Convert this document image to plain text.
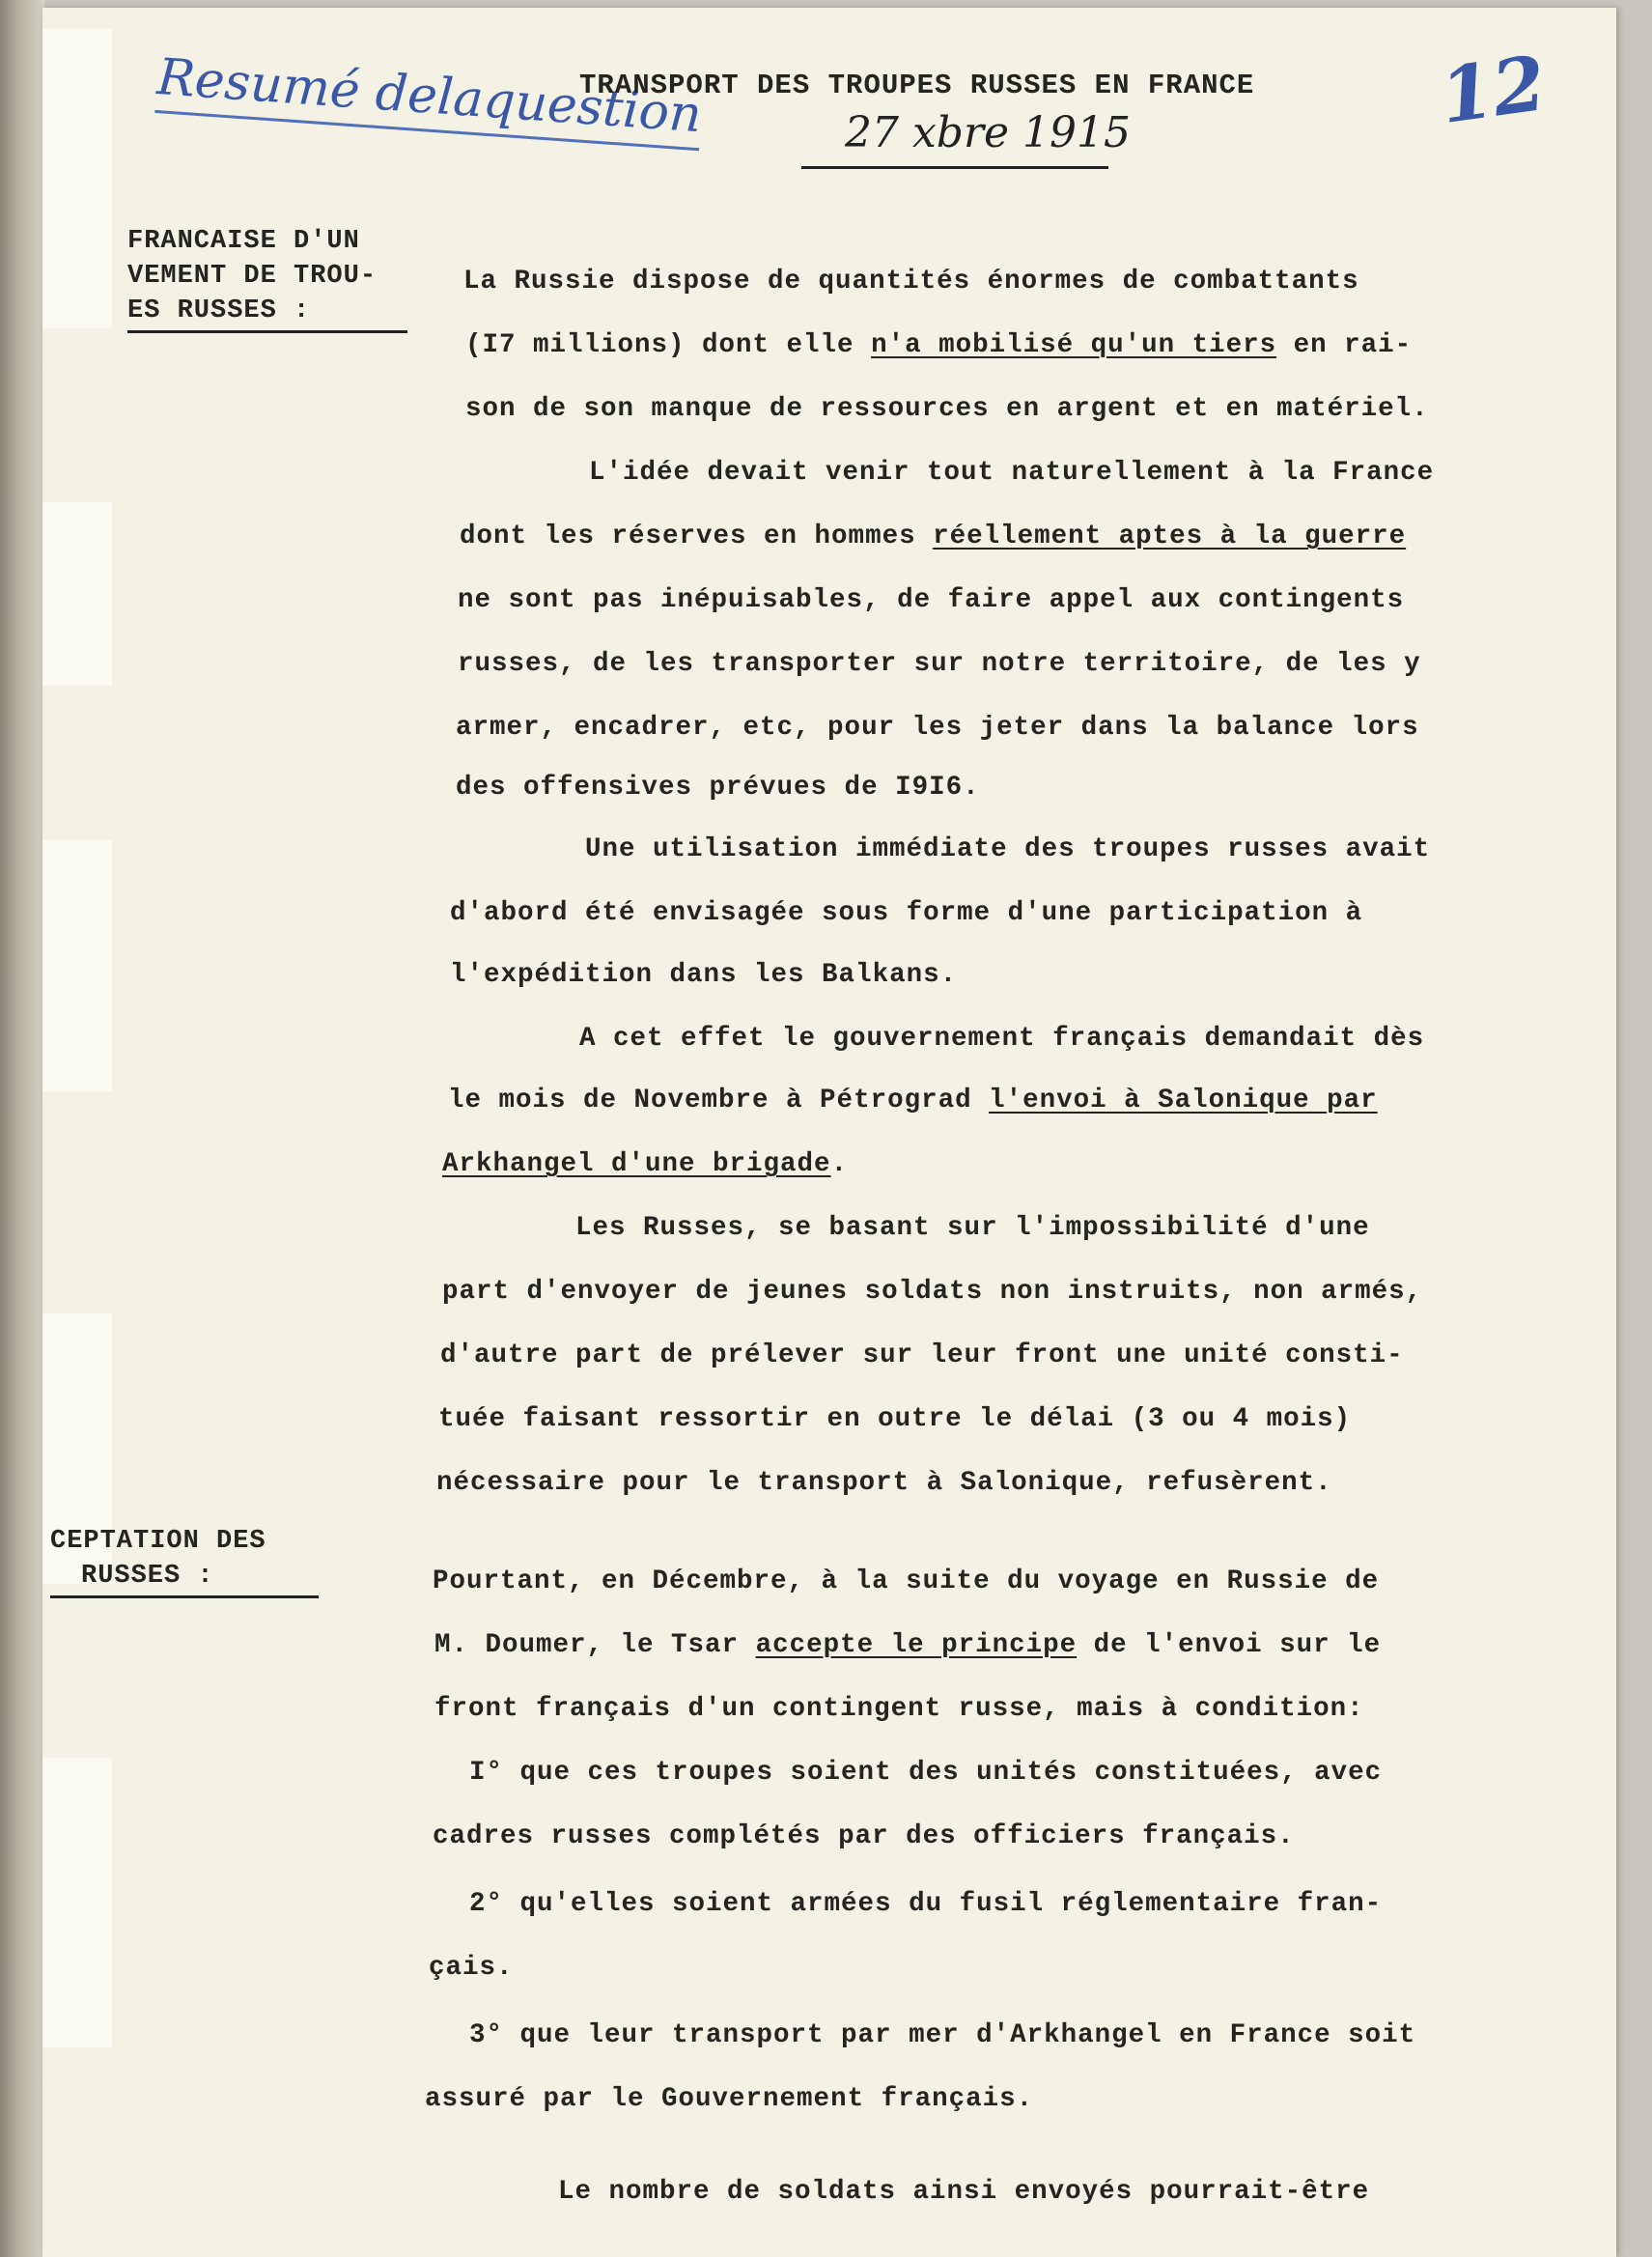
Resumé delaquestion	12
TRANSPORT DES TROUPES RUSSES EN FRANCE
27 xbre 1915
FRANCAISE D'UN
VEMENT DE TROU-
ES RUSSES :
CEPTATION DES
RUSSES :
La Russie dispose de quantités énormes de combattants
(I7 millions) dont elle n'a mobilisé qu'un tiers en rai-
son de son manque de ressources en argent et en matériel.
L'idée devait venir tout naturellement à la France
dont les réserves en hommes réellement aptes à la guerre
ne sont pas inépuisables, de faire appel aux contingents
russes, de les transporter sur notre territoire, de les y
armer, encadrer, etc, pour les jeter dans la balance lors
des offensives prévues de I9I6.
Une utilisation immédiate des troupes russes avait
d'abord été envisagée sous forme d'une participation à
l'expédition dans les Balkans.
A cet effet le gouvernement français demandait dès
le mois de Novembre à Pétrograd l'envoi à Salonique par
Arkhangel d'une brigade.
Les Russes, se basant sur l'impossibilité d'une
part d'envoyer de jeunes soldats non instruits, non armés,
d'autre part de prélever sur leur front une unité consti-
tuée faisant ressortir en outre le délai (3 ou 4 mois)
nécessaire pour le transport à Salonique, refusèrent.
Pourtant, en Décembre, à la suite du voyage en Russie de
M. Doumer, le Tsar accepte le principe de l'envoi sur le
front français d'un contingent russe, mais à condition:
I° que ces troupes soient des unités constituées, avec
cadres russes complétés par des officiers français.
2° qu'elles soient armées du fusil réglementaire fran-
çais.
3° que leur transport par mer d'Arkhangel en France soit
assuré par le Gouvernement français.
Le nombre de soldats ainsi envoyés pourrait-être
